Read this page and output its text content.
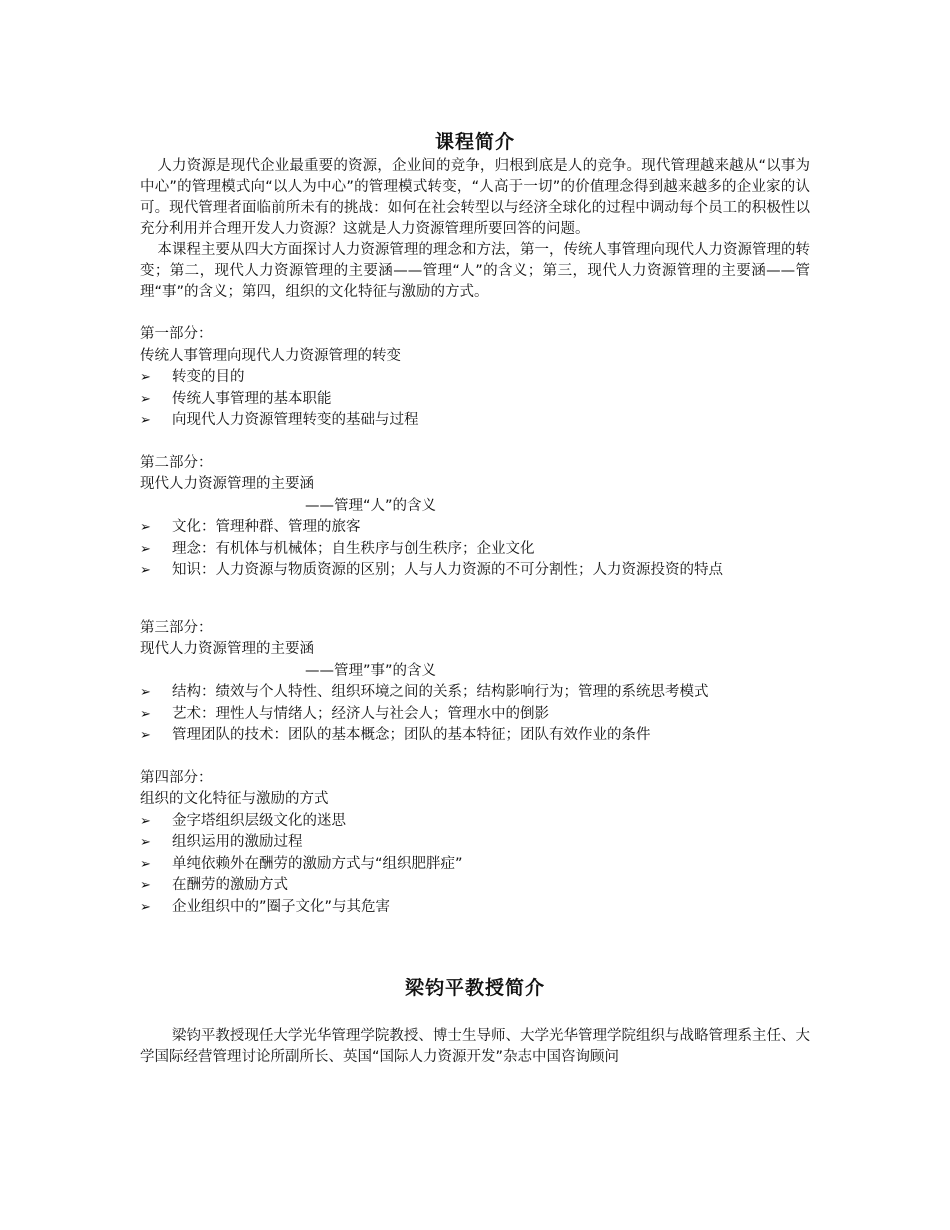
课程简介

人力资源是现代企业最重要的资源，企业间的竞争，归根到底是人的竞争。现代管理越来越从“以事为中心”的管理模式向“以人为中心”的管理模式转变，“人高于一切”的价值理念得到越来越多的企业家的认可。现代管理者面临前所未有的挑战：如何在社会转型以与经济全球化的过程中调动每个员工的积极性以充分利用并合理开发人力资源？这就是人力资源管理所要回答的问题。

本课程主要从四大方面探讨人力资源管理的理念和方法，第一，传统人事管理向现代人力资源管理的转变；第二，现代人力资源管理的主要涵——管理“人”的含义；第三，现代人力资源管理的主要涵——管理“事”的含义；第四，组织的文化特征与激励的方式。

第一部分：
传统人事管理向现代人力资源管理的转变
➢ 转变的目的
➢ 传统人事管理的基本职能
➢ 向现代人力资源管理转变的基础与过程
第二部分：
现代人力资源管理的主要涵
——管理“人”的含义
➢ 文化：管理种群、管理的旅客
➢ 理念：有机体与机械体；自生秩序与创生秩序；企业文化
➢ 知识：人力资源与物质资源的区别；人与人力资源的不可分割性；人力资源投资的特点
第三部分：
现代人力资源管理的主要涵
——管理”事”的含义
➢ 结构：绩效与个人特性、组织环境之间的关系；结构影响行为；管理的系统思考模式
➢ 艺术：理性人与情绪人；经济人与社会人；管理水中的倒影
➢ 管理团队的技术：团队的基本概念；团队的基本特征；团队有效作业的条件
第四部分：
组织的文化特征与激励的方式
➢ 金字塔组织层级文化的迷思
➢ 组织运用的激励过程
➢ 单纯依赖外在酬劳的激励方式与“组织肥胖症”
➢ 在酬劳的激励方式
➢ 企业组织中的”圈子文化”与其危害
梁钧平教授简介

梁钧平教授现任大学光华管理学院教授、博士生导师、大学光华管理学院组织与战略管理系主任、大学国际经营管理讨论所副所长、英国“国际人力资源开发”杂志中国咨询顾问
